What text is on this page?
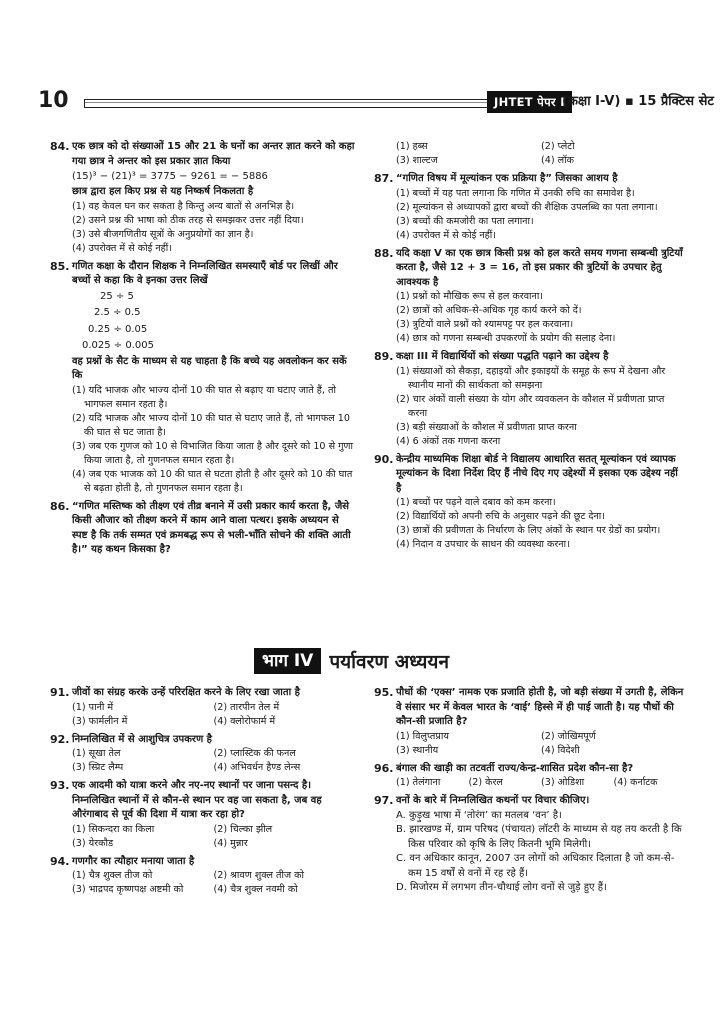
10	JHTET पेपर I
(कक्षा I-V) ▪ 15 प्रैक्टिस सेट
84. एक छात्र को दो संख्याओं 15 और 21 के घनों का अन्तर ज्ञात करने को कहा गया छात्र ने अन्तर को इस प्रकार ज्ञात किया
(15)³ − (21)³ = 3775 − 9261 = − 5886
छात्र द्वारा हल किए प्रश्न से यह निष्कर्ष निकलता है
(1) वह केवल घन कर सकता है किन्तु अन्य बातों से अनभिज्ञ है।
(2) उसने प्रश्न की भाषा को ठीक तरह से समझकर उत्तर नहीं दिया।
(3) उसे बीजगणितीय सूत्रों के अनुप्रयोगों का ज्ञान है।
(4) उपरोक्त में से कोई नहीं।
85. गणित कक्षा के दौरान शिक्षक ने निम्नलिखित समस्याएँ बोर्ड पर लिखीं और बच्चों से कहा कि वे इनका उत्तर लिखें
25 ÷ 5
2.5 ÷ 0.5
0.25 ÷ 0.05
0.025 ÷ 0.005
वह प्रश्नों के सैट के माध्यम से यह चाहता है कि बच्चे यह अवलोकन कर सकें कि
(1) यदि भाजक और भाज्य दोनों 10 की घात से बढ़ाए या घटाए जाते हैं, तो भागफल समान रहता है।
(2) यदि भाजक और भाज्य दोनों 10 की घात से घटाए जाते हैं, तो भागफल 10 की घात से घट जाता है।
(3) जब एक गुणज को 10 से विभाजित किया जाता है और दूसरे को 10 से गुणा किया जाता है, तो गुणनफल समान रहता है।
(4) जब एक भाजक को 10 की घात से घटता होती है और दूसरे को 10 की घात से बढ़ता होती है, तो गुणनफल समान रहता है।
86. “गणित मस्तिष्क को तीक्ष्ण एवं तीव्र बनाने में उसी प्रकार कार्य करता है, जैसे किसी औजार को तीक्ष्ण करने में काम आने वाला पत्थर। इसके अध्ययन से स्पष्ट है कि तर्क सम्मत एवं क्रमबद्ध रूप से भली-भाँति सोचने की शक्ति आती है।” यह कथन किसका है?
(1) हब्स	(2) प्लेटो
(3) शाल्टज	(4) लॉक
87. “गणित विषय में मूल्यांकन एक प्रक्रिया है” जिसका आशय है
(1) बच्चों में यह पता लगाना कि गणित में उनकी रुचि का समावेश है।
(2) मूल्यांकन से अध्यापकों द्वारा बच्चों की शैक्षिक उपलब्धि का पता लगाना।
(3) बच्चों की कमजोरी का पता लगाना।
(4) उपरोक्त में से कोई नहीं।
88. यदि कक्षा V का एक छात्र किसी प्रश्न को हल करते समय गणना सम्बन्धी त्रुटियाँ करता है, जैसे 12 + 3 = 16, तो इस प्रकार की त्रुटियों के उपचार हेतु आवश्यक है
(1) प्रश्नों को मौखिक रूप से हल करवाना।
(2) छात्रों को अधिक-से-अधिक गृह कार्य करने को दें।
(3) त्रुटियों वाले प्रश्नों को श्यामपट्ट पर हल करवाना।
(4) छात्र को गणना सम्बन्धी उपकरणों के प्रयोग की सलाह देना।
89. कक्षा III में विद्यार्थियों को संख्या पद्धति पढ़ाने का उद्देश्य है
(1) संख्याओं को सैकड़ा, दहाइयों और इकाइयों के समूह के रूप में देखना और स्थानीय मानों की सार्थकता को समझना
(2) चार अंकों वाली संख्या के योग और व्यवकलन के कौशल में प्रवीणता प्राप्त करना
(3) बड़ी संख्याओं के कौशल में प्रवीणता प्राप्त करना
(4) 6 अंकों तक गणना करना
90. केन्द्रीय माध्यमिक शिक्षा बोर्ड ने विद्यालय आधारित सतत् मूल्यांकन एवं व्यापक मूल्यांकन के दिशा निर्देश दिए हैं नीचे दिए गए उद्देश्यों में इसका एक उद्देश्य नहीं है
(1) बच्चों पर पढ़ने वाले दबाव को कम करना।
(2) विद्यार्थियों को अपनी रुचि के अनुसार पढ़ने की छूट देना।
(3) छात्रों की प्रवीणता के निर्धारण के लिए अंकों के स्थान पर ग्रेडों का प्रयोग।
(4) निदान व उपचार के साधन की व्यवस्था करना।
भाग IV पर्यावरण अध्ययन
91. जीवों का संग्रह करके उन्हें परिरक्षित करने के लिए रखा जाता है
(1) पानी में	(2) तारपीन तेल में
(3) फार्मलीन में	(4) क्लोरोफार्म में
92. निम्नलिखित में से आशुचित्र उपकरण है
(1) सूखा तेल	(2) प्लास्टिक की फनल
(3) स्प्रिट लैम्प	(4) अभिवर्धन हैण्ड लेन्स
93. एक आदमी को यात्रा करने और नए-नए स्थानों पर जाना पसन्द है। निम्नलिखित स्थानों में से कौन-से स्थान पर वह जा सकता है, जब वह औरंगाबाद से पूर्व की दिशा में यात्रा कर रहा हो?
(1) सिकन्दरा का किला	(2) चिल्का झील
(3) येरकौड	(4) मुन्नार
94. गणगौर का त्यौहार मनाया जाता है
(1) चैत्र शुक्ल तीज को	(2) श्रावण शुक्ल तीज को
(3) भाद्रपद कृष्णपक्ष अष्टमी को	(4) चैत्र शुक्ल नवमी को
95. पौधों की ‘एक्स’ नामक एक प्रजाति होती है, जो बड़ी संख्या में उगती है, लेकिन वे संसार भर में केवल भारत के ‘वाई’ हिस्से में ही पाई जाती है। यह पौधों की कौन-सी प्रजाति है?
(1) विलुप्तप्राय	(2) जोखिमपूर्ण
(3) स्थानीय	(4) विदेशी
96. बंगाल की खाड़ी का तटवर्ती राज्य/केन्द्र-शासित प्रदेश कौन-सा है?
(1) तेलंगाना	(2) केरल	(3) ओडिशा	(4) कर्नाटक
97. वनों के बारे में निम्नलिखित कथनों पर विचार कीजिए।
A. कुड़ुख भाषा में ‘तोरंग’ का मतलब ‘वन’ है।
B. झारखण्ड में, ग्राम परिषद (पंचायत) लॉटरी के माध्यम से यह तय करती है कि किस परिवार को कृषि के लिए कितनी भूमि मिलेगी।
C. वन अधिकार कानून, 2007 उन लोगों को अधिकार दिलाता है जो कम-से-कम 15 वर्षों से वनों में रह रहे हैं।
D. मिजोरम में लगभग तीन-चौथाई लोग वनों से जुड़े हुए हैं।
